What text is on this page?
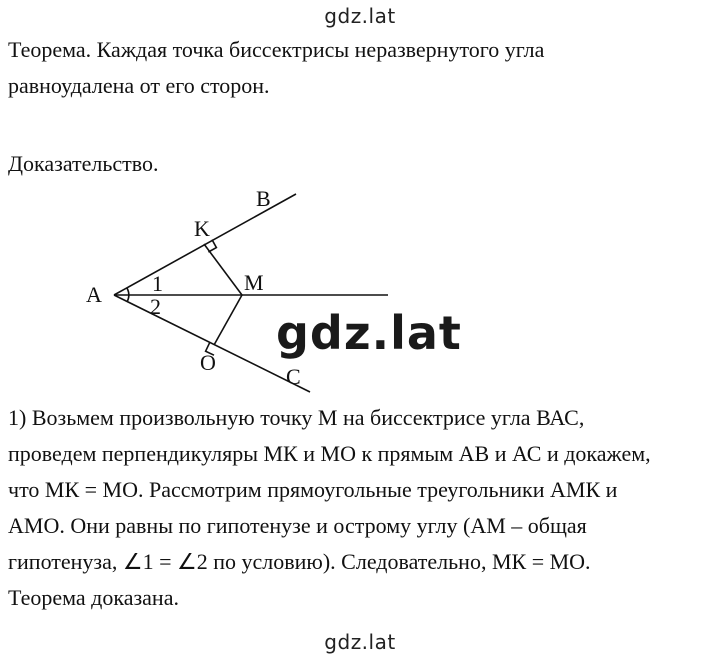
gdz.lat
Теорема. Каждая точка биссектрисы неразвернутого угла
равноудалена от его сторон.
Доказательство.
A
B
C
K
M
O
1
2	gdz.lat
1) Возьмем произвольную точку М на биссектрисе угла ВАС,
проведем перпендикуляры МК и МО к прямым АВ и АС и докажем,
что МК = МО. Рассмотрим прямоугольные треугольники АМК и
АМО. Они равны по гипотенузе и острому углу (АМ – общая
гипотенуза, ∠1 = ∠2 по условию). Следовательно, МК = МО.
Теорема доказана.
gdz.lat
